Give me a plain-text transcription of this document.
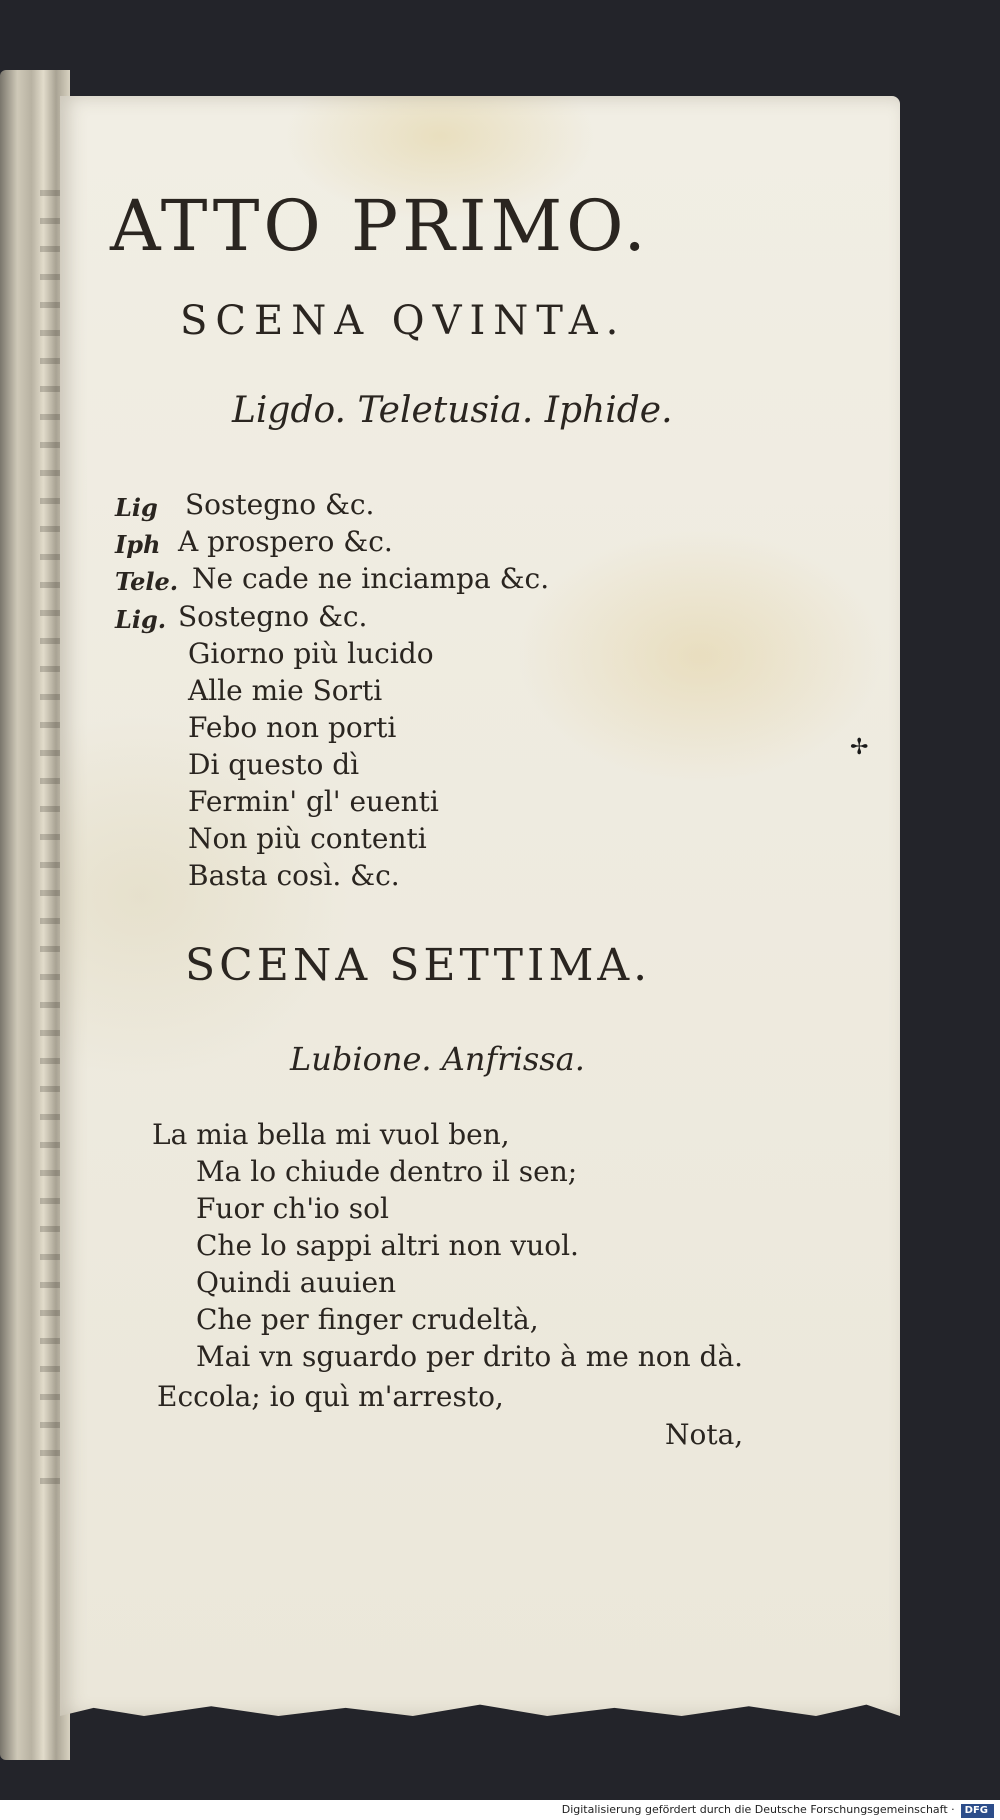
ATTO PRIMO.
SCENA QVINTA.
Ligdo. Teletusia. Iphide.
Lig Sostegno &c.
Iph A prospero &c.
Tele. Ne cade ne inciampa &c.
Lig. Sostegno &c.
Giorno più lucido
Alle mie Sorti
Febo non porti
Di questo dì
Fermin' gl' euenti
Non più contenti
Basta così. &c.
SCENA SETTIMA.
Lubione. Anfrissa.
La mia bella mi vuol ben,
Ma lo chiude dentro il sen;
Fuor ch'io sol
Che lo sappi altri non vuol.
Quindi auuien
Che per finger crudeltà,
Mai vn sguardo per drito à me non dà.
Eccola; io quì m'arresto,
Nota,
✢
Digitalisierung gefördert durch die Deutsche Forschungsgemeinschaft · DFG
